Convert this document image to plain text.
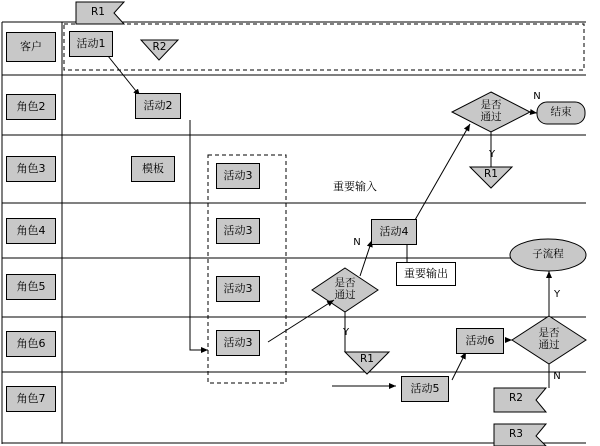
客户
角色2
角色3
角色4
角色5
角色6
角色7
活动1
活动2
模板
活动3
活动3
活动3
活动3
活动4
活动5
活动6
重要输出
R1
R2
是否
通过	结束
R1
子流程
是否
通过
R1
是否
通过
R2
R3
重要输入
N
Y
N
Y
Y
N
